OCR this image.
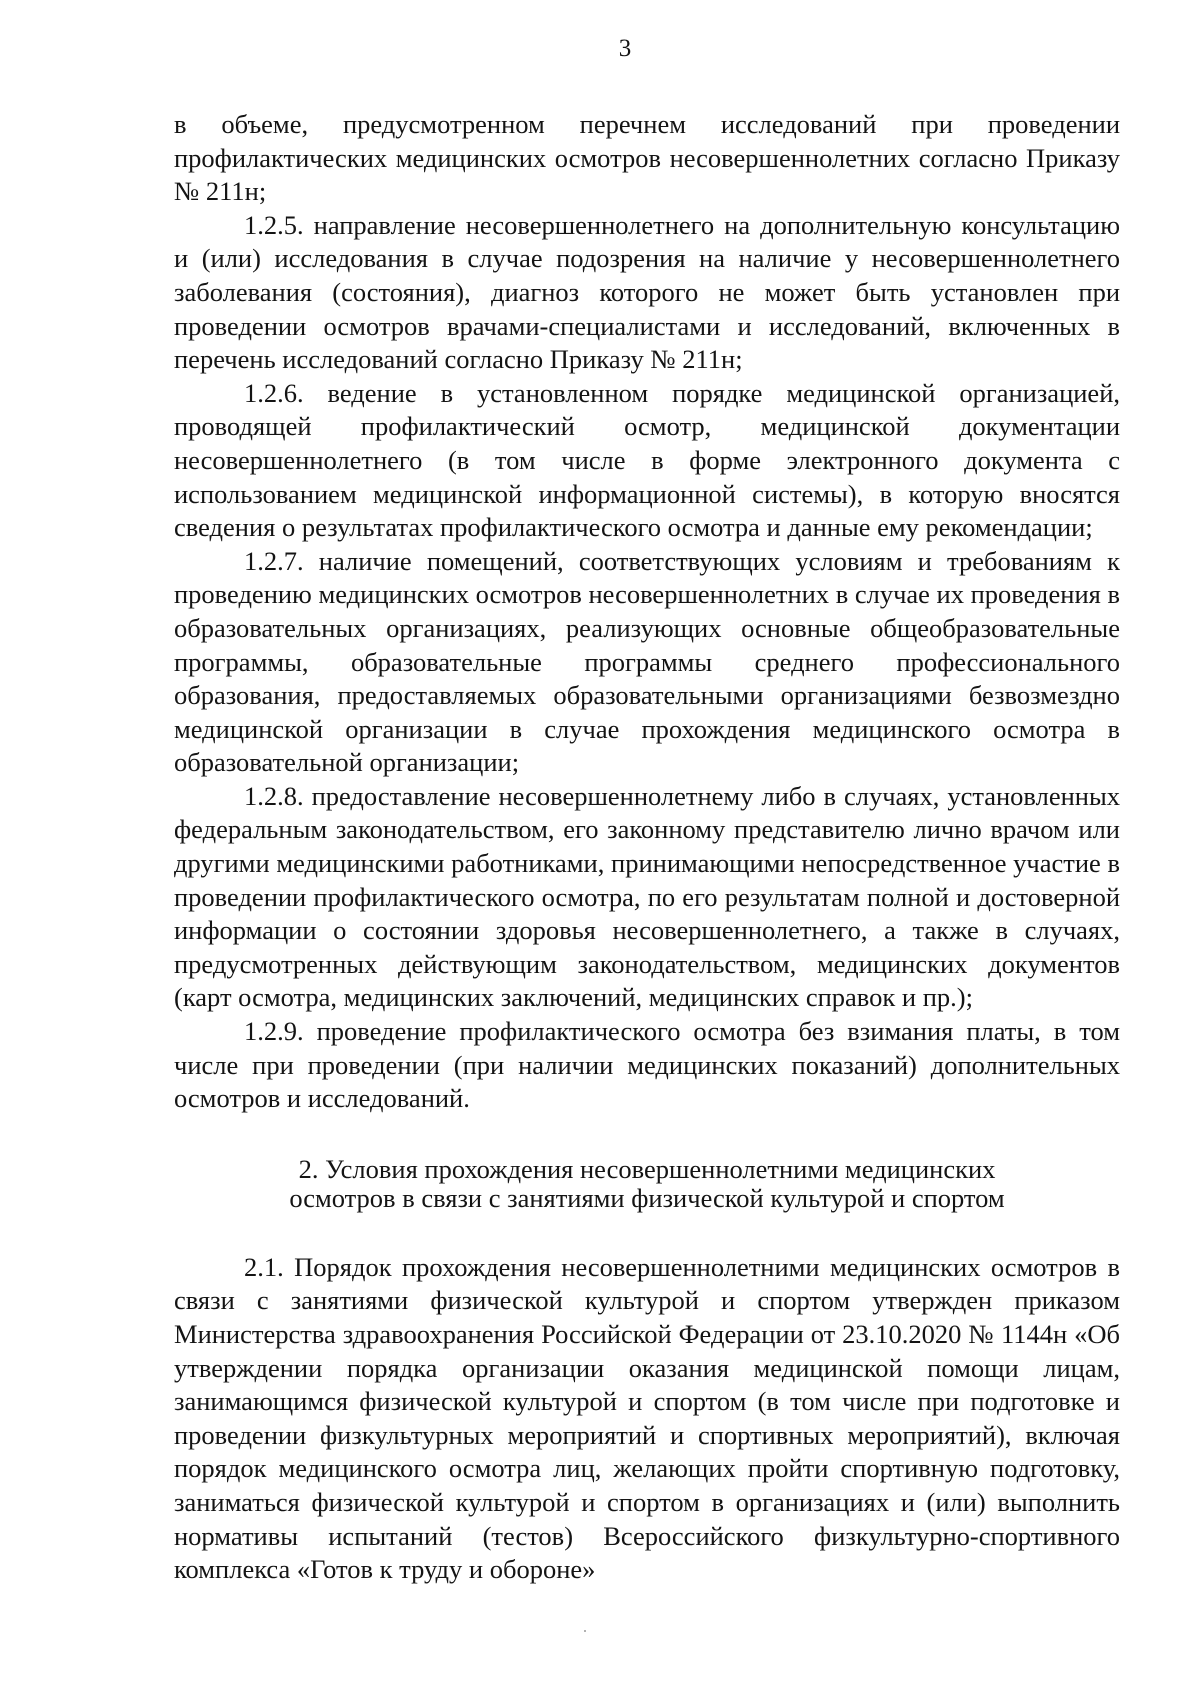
3

в объеме, предусмотренном перечнем исследований при проведении профилактических медицинских осмотров несовершеннолетних согласно Приказу № 211н;

1.2.5. направление несовершеннолетнего на дополнительную консультацию и (или) исследования в случае подозрения на наличие у несовершеннолетнего заболевания (состояния), диагноз которого не может быть установлен при проведении осмотров врачами-специалистами и исследований, включенных в перечень исследований согласно Приказу № 211н;

1.2.6. ведение в установленном порядке медицинской организацией, проводящей профилактический осмотр, медицинской документации несовершеннолетнего (в том числе в форме электронного документа с использованием медицинской информационной системы), в которую вносятся сведения о результатах профилактического осмотра и данные ему рекомендации;

1.2.7. наличие помещений, соответствующих условиям и требованиям к проведению медицинских осмотров несовершеннолетних в случае их проведения в образовательных организациях, реализующих основные общеобразовательные программы, образовательные программы среднего профессионального образования, предоставляемых образовательными организациями безвозмездно медицинской организации в случае прохождения медицинского осмотра в образовательной организации;

1.2.8. предоставление несовершеннолетнему либо в случаях, установленных федеральным законодательством, его законному представителю лично врачом или другими медицинскими работниками, принимающими непосредственное участие в проведении профилактического осмотра, по его результатам полной и достоверной информации о состоянии здоровья несовершеннолетнего, а также в случаях, предусмотренных действующим законодательством, медицинских документов (карт осмотра, медицинских заключений, медицинских справок и пр.);

1.2.9. проведение профилактического осмотра без взимания платы, в том числе при проведении (при наличии медицинских показаний) дополнительных осмотров и исследований.

2. Условия прохождения несовершеннолетними медицинских
осмотров в связи с занятиями физической культурой и спортом

2.1. Порядок прохождения несовершеннолетними медицинских осмотров в связи с занятиями физической культурой и спортом утвержден приказом Министерства здравоохранения Российской Федерации от 23.10.2020 № 1144н «Об утверждении порядка организации оказания медицинской помощи лицам, занимающимся физической культурой и спортом (в том числе при подготовке и проведении физкультурных мероприятий и спортивных мероприятий), включая порядок медицинского осмотра лиц, желающих пройти спортивную подготовку, заниматься физической культурой и спортом в организациях и (или) выполнить нормативы испытаний (тестов) Всероссийского физкультурно-спортивного комплекса «Готов к труду и обороне»
